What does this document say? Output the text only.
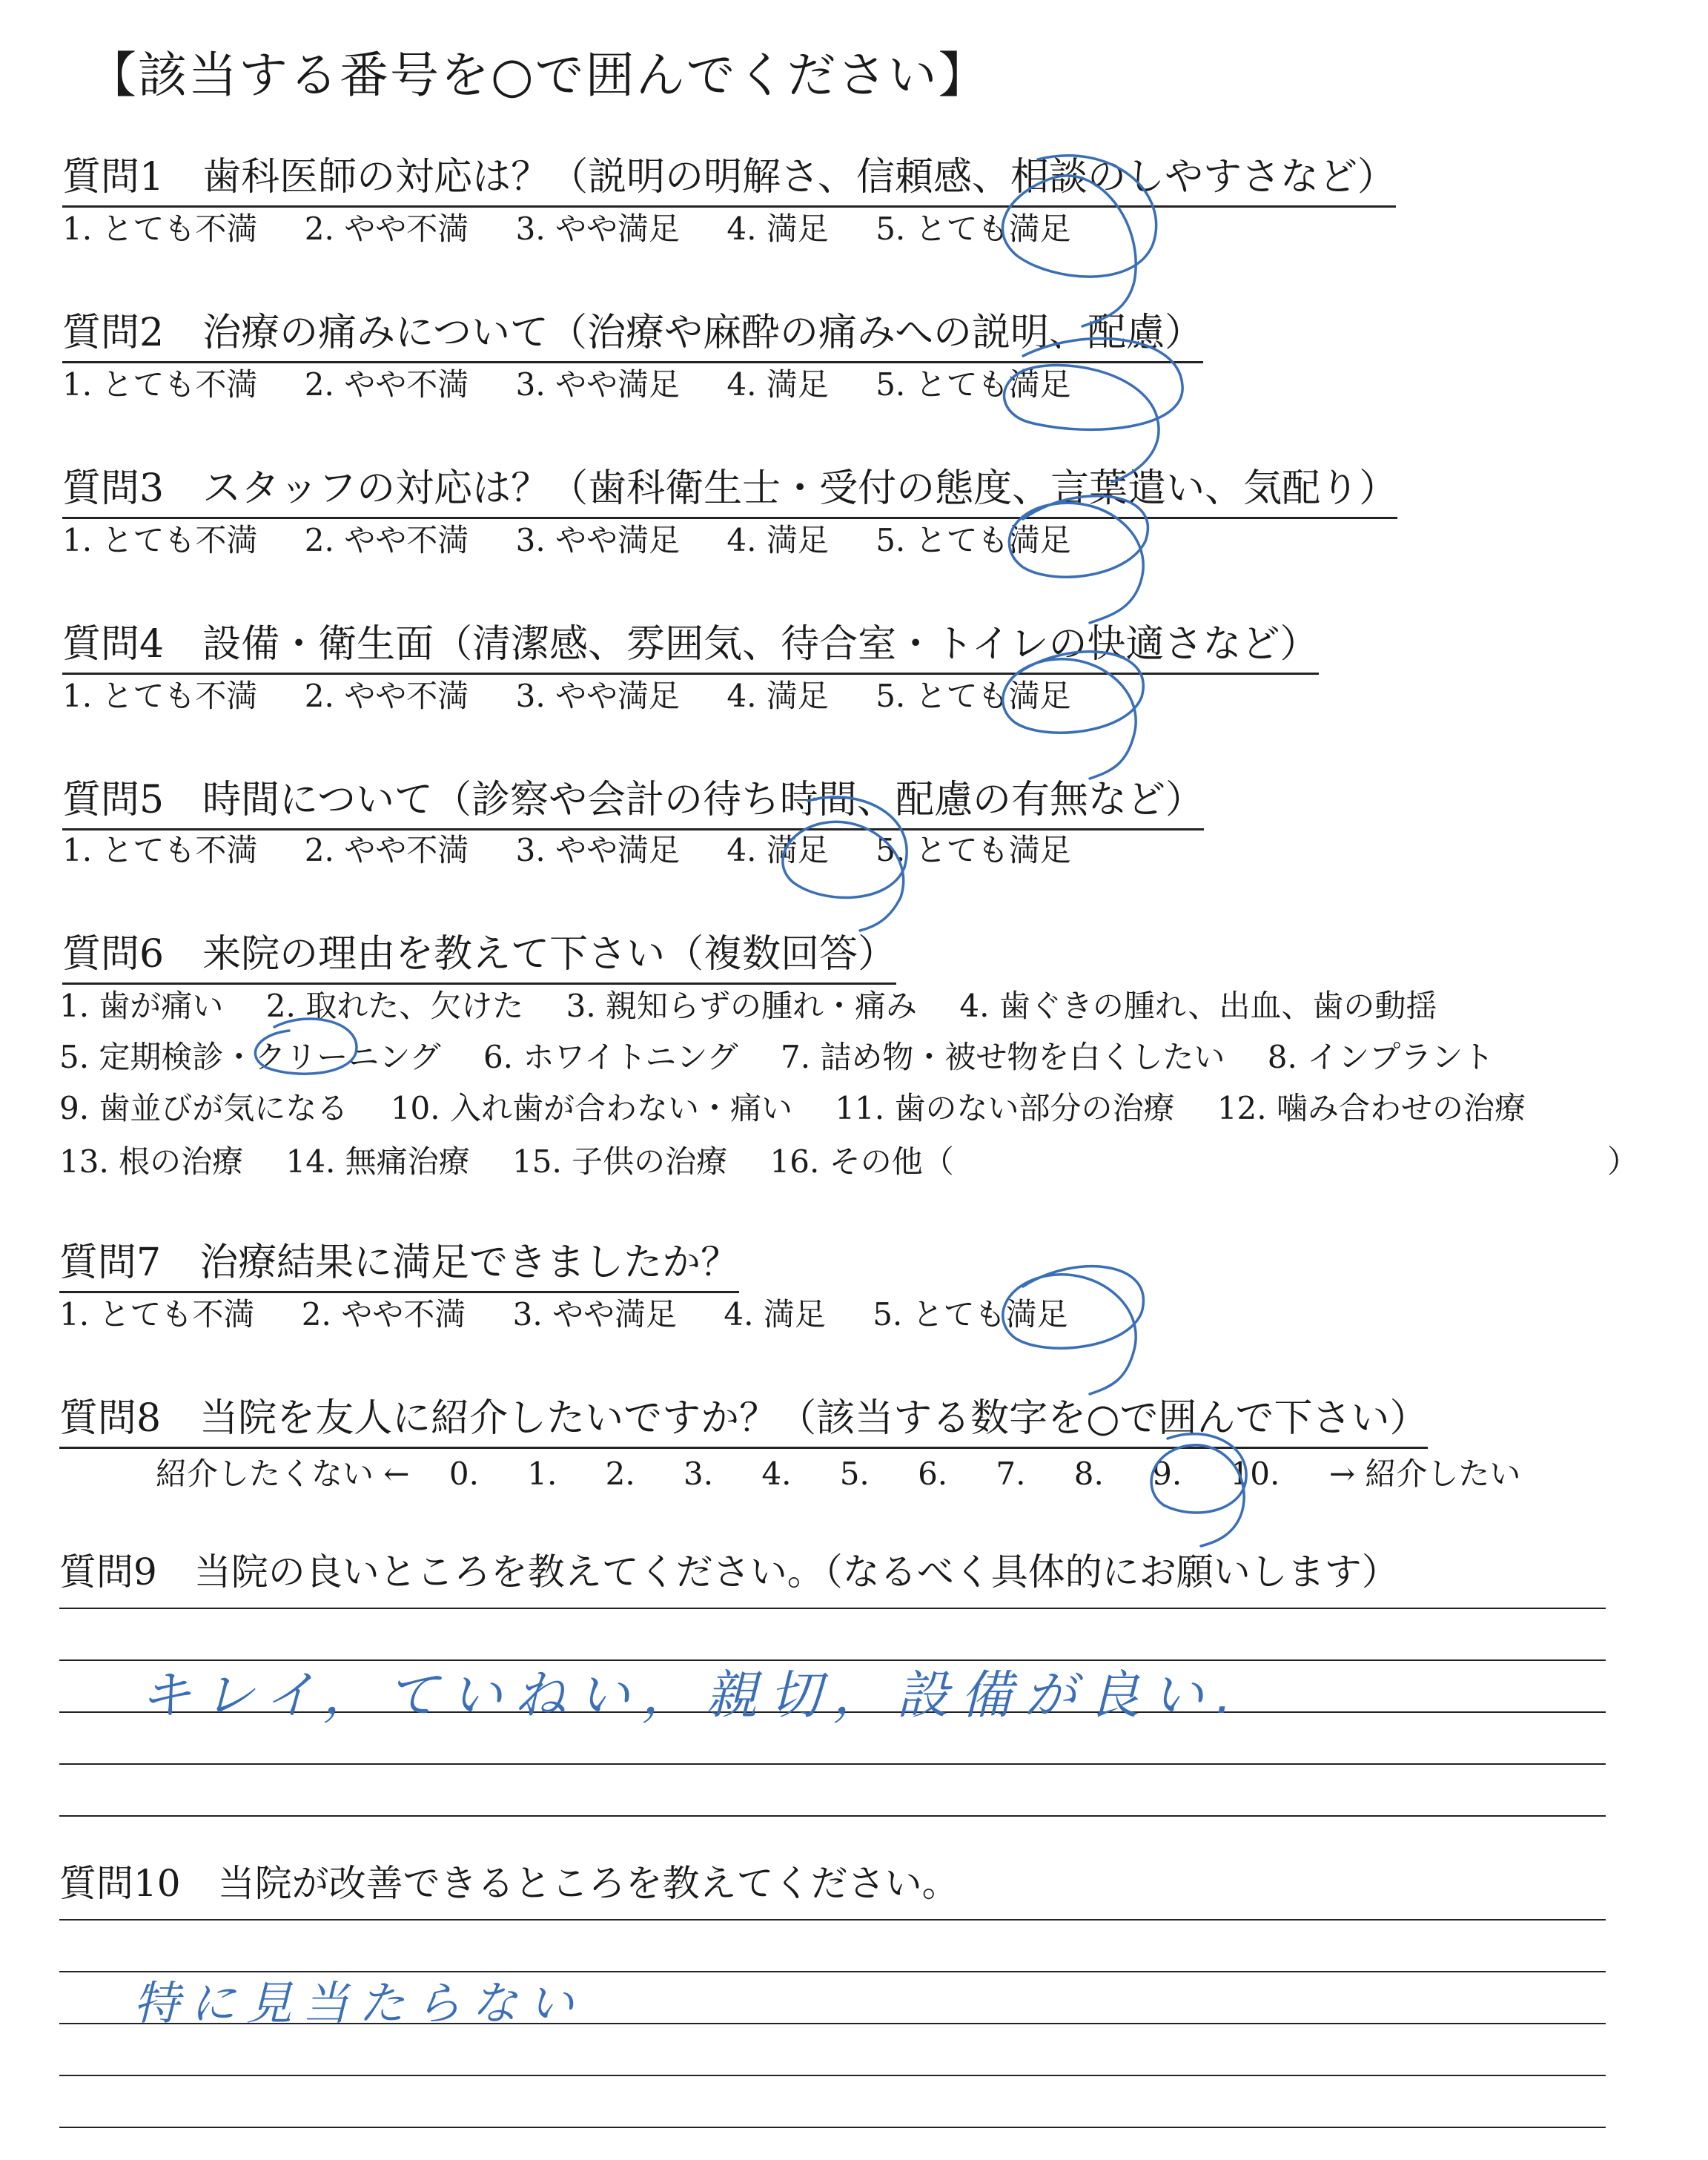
【該当する番号を○で囲んでください】
質問1　歯科医師の対応は？（説明の明解さ、信頼感、相談のしやすさなど）
1. とても不満 2. やや不満 3. やや満足 4. 満足 5. とても満足
質問2　治療の痛みについて（治療や麻酔の痛みへの説明、配慮）
1. とても不満 2. やや不満 3. やや満足 4. 満足 5. とても満足
質問3　スタッフの対応は？（歯科衛生士・受付の態度、言葉遣い、気配り）
1. とても不満 2. やや不満 3. やや満足 4. 満足 5. とても満足
質問4　設備・衛生面（清潔感、雰囲気、待合室・トイレの快適さなど）
1. とても不満 2. やや不満 3. やや満足 4. 満足 5. とても満足
質問5　時間について（診察や会計の待ち時間、配慮の有無など）
1. とても不満 2. やや不満 3. やや満足 4. 満足 5. とても満足
質問6　来院の理由を教えて下さい（複数回答）
1. 歯が痛い 2. 取れた、欠けた 3. 親知らずの腫れ・痛み 4. 歯ぐきの腫れ、出血、歯の動揺
5. 定期検診・クリーニング 6. ホワイトニング 7. 詰め物・被せ物を白くしたい 8. インプラント
9. 歯並びが気になる 10. 入れ歯が合わない・痛い 11. 歯のない部分の治療 12. 噛み合わせの治療
13. 根の治療 14. 無痛治療 15. 子供の治療 16. その他（	）
質問7　治療結果に満足できましたか？
1. とても不満 2. やや不満 3. やや満足 4. 満足 5. とても満足
質問8　当院を友人に紹介したいですか？（該当する数字を○で囲んで下さい）
紹介したくない ← 0. 1. 2. 3. 4. 5. 6. 7. 8. 9. 10. → 紹介したい
質問9　当院の良いところを教えてください。（なるべく具体的にお願いします）
キレイ，ていねい，親切，設備が良い.
質問10　当院が改善できるところを教えてください。
特に見当たらない
